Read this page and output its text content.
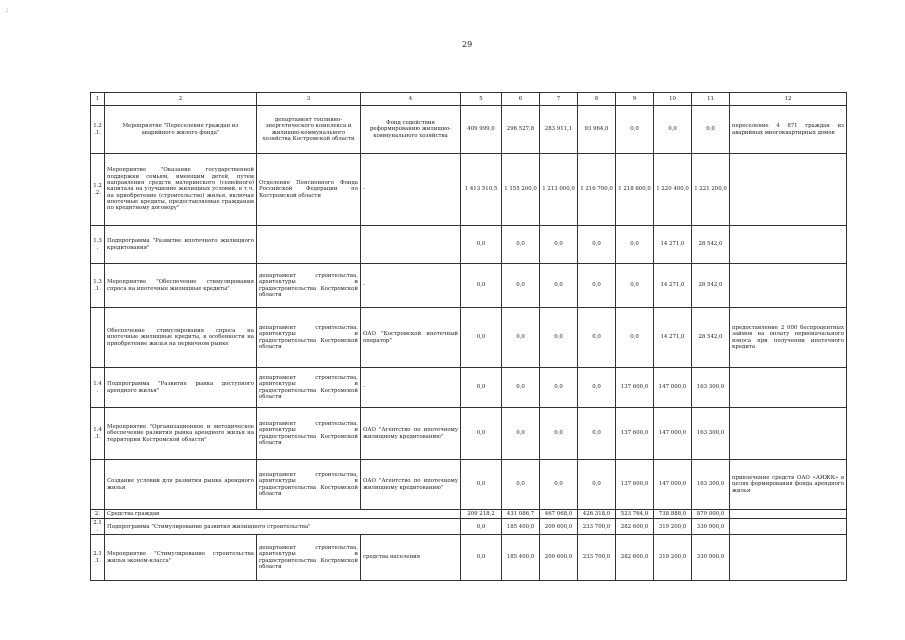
:
29
1	2	3	4	5	6	7	8	9	10	11	12
1.2.1.	Мероприятие "Переселение граждан из аварийного жилого фонда"	департамент топливно-энергетического комплекса и жилищно-коммунального хозяйства Костромской области	Фонд содействия реформированию жилищно-коммунального хозяйства	409 999,0	296 527,8	283 911,1	93 964,0	0,0	0,0	0,0	переселение 4 871 граждан из аварийных многоквартирных домов
1.2.2.	Мероприятие "Оказание государственной поддержки семьям, имеющим детей, путем направления средств материнского (семейного) капитала на улучшение жилищных условий, в т.ч. на приобретение (строительство) жилья, включая ипотечные кредиты, предоставляемые гражданам по кредитному договору"	Отделение Пенсионного Фонда Российской Федерации по Костромской области	-	1 413 510,5	1 155 200,0	1 213 000,0	1 216 700,0	1 218 600,0	1 220 400,0	1 221 200,0	
1.3.	Подпрограмма "Развитие ипотечного жилищного кредитования"			0,0	0,0	0,0	0,0	0,0	14 271,0	28 542,0	
1.3.1.	Мероприятие "Обеспечение стимулирования спроса на ипотечные жилищные кредиты"	департамент строительства, архитектуры и градостроительства Костромской области	-	0,0	0,0	0,0	0,0	0,0	14 271,0	28 542,0	
	Обеспечение стимулирования спроса на ипотечные жилищные кредиты, в особенности на приобретение жилья на первичном рынке	департамент строительства, архитектуры и градостроительства Костромской области	ОАО "Костромской ипотечный оператор"	0,0	0,0	0,0	0,0	0,0	14 271,0	28 542,0	предоставление 2 000 беспроцентных займов на оплату первоначального взноса при получении ипотечного кредита
1.4.	Подпрограмма "Развитие рынка доступного арендного жилья"	департамент строительства, архитектуры и градостроительства Костромской области	-	0,0	0,0	0,0	0,0	137 600,0	147 000,0	163 300,0	
1.4.1.	Мероприятие "Организационное и методическое обеспечение развития рынка арендного жилья на территории Костромской области"	департамент строительства, архитектуры и градостроительства Костромской области	ОАО "Агентство по ипотечному жилищному кредитованию"	0,0	0,0	0,0	0,0	137 600,0	147 000,0	163 300,0	
	Создание условий для развития рынка арендного жилья	департамент строительства, архитектуры и градостроительства Костромской области	ОАО "Агентство по ипотечному жилищному кредитованию"	0,0	0,0	0,0	0,0	137 600,0	147 000,0	163 300,0	привлечение средств ОАО «АИЖК» в целях формирования фонда арендного жилья
2.	Средства граждан			209 218,2	431 086,7	467 068,0	426 318,0	523 764,0	738 888,0	879 000,0	
2.1.	Подпрограмма "Стимулирование развития жилищного строительства"			0,0	185 400,0	209 600,0	233 700,0	282 600,0	319 200,0	330 900,0	
2.1.1.	Мероприятие "Стимулирование строительства жилья эконом-класса"	департамент строительства, архитектуры и градостроительства Костромской области	средства населения	0,0	185 400,0	209 600,0	233 700,0	282 600,0	319 200,0	330 900,0	
